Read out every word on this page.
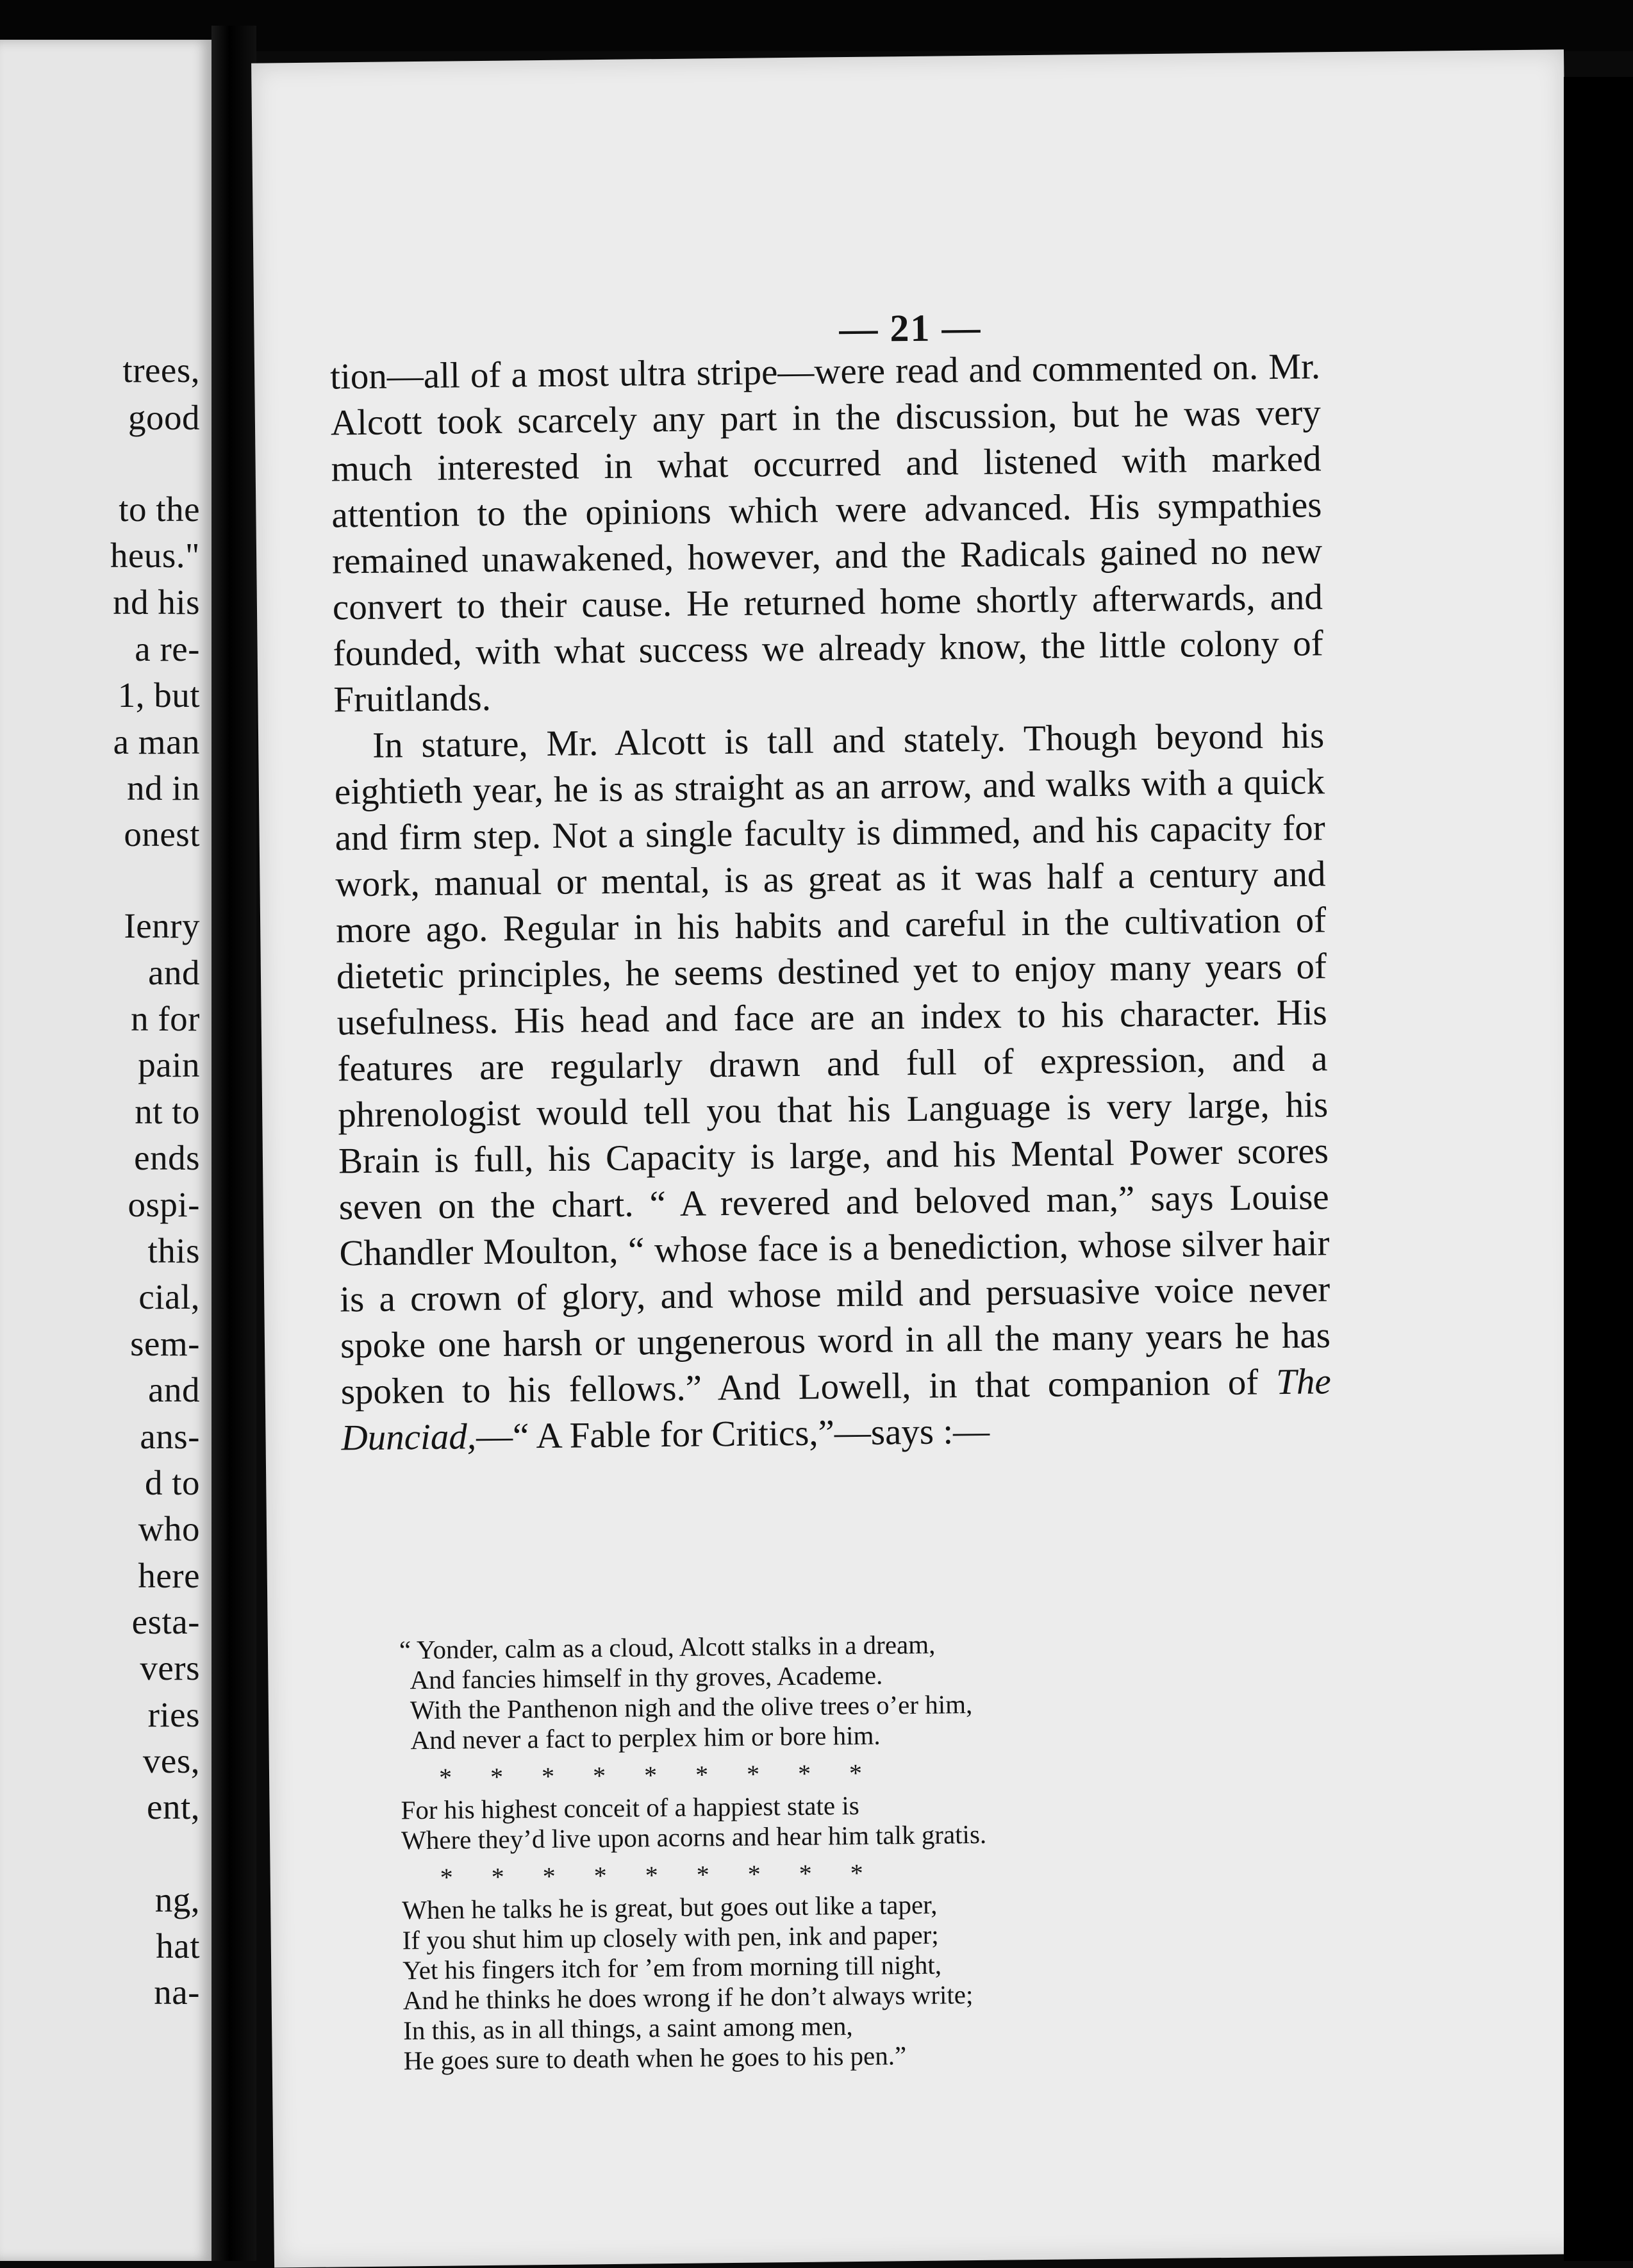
trees,
good
to the
heus."
nd his
a re-
1, but
a man
nd in
onest
Ienry
and
n for
pain
nt to
ends
ospi-
this
cial,
sem-
and
ans-
d to
who
here
esta-
vers
ries
ves,
ent,
ng,
hat
na-
— 21 —

tion—all of a most ultra stripe—were read and commented on. Mr. Alcott took scarcely any part in the discussion, but he was very much interested in what occurred and listened with marked attention to the opinions which were advanced. His sympathies remained unawakened, however, and the Radicals gained no new convert to their cause. He returned home shortly afterwards, and founded, with what success we already know, the little colony of Fruitlands.

In stature, Mr. Alcott is tall and stately. Though beyond his eightieth year, he is as straight as an arrow, and walks with a quick and firm step. Not a single faculty is dimmed, and his capacity for work, manual or mental, is as great as it was half a century and more ago. Regular in his habits and careful in the cultivation of dietetic principles, he seems destined yet to enjoy many years of usefulness. His head and face are an index to his character. His features are regularly drawn and full of expression, and a phrenologist would tell you that his Language is very large, his Brain is full, his Capacity is large, and his Mental Power scores seven on the chart. “ A revered and beloved man,” says Louise Chandler Moulton, “ whose face is a benediction, whose silver hair is a crown of glory, and whose mild and persuasive voice never spoke one harsh or ungenerous word in all the many years he has spoken to his fellows.” And Lowell, in that companion of The Dunciad,—“ A Fable for Critics,”—says :—

“ Yonder, calm as a cloud, Alcott stalks in a dream,
And fancies himself in thy groves, Academe.
With the Panthenon nigh and the olive trees o’er him,
And never a fact to perplex him or bore him.
*      *      *      *      *      *      *      *      *
For his highest conceit of a happiest state is
Where they’d live upon acorns and hear him talk gratis.
*      *      *      *      *      *      *      *      *
When he talks he is great, but goes out like a taper,
If you shut him up closely with pen, ink and paper;
Yet his fingers itch for ’em from morning till night,
And he thinks he does wrong if he don’t always write;
In this, as in all things, a saint among men,
He goes sure to death when he goes to his pen.”
